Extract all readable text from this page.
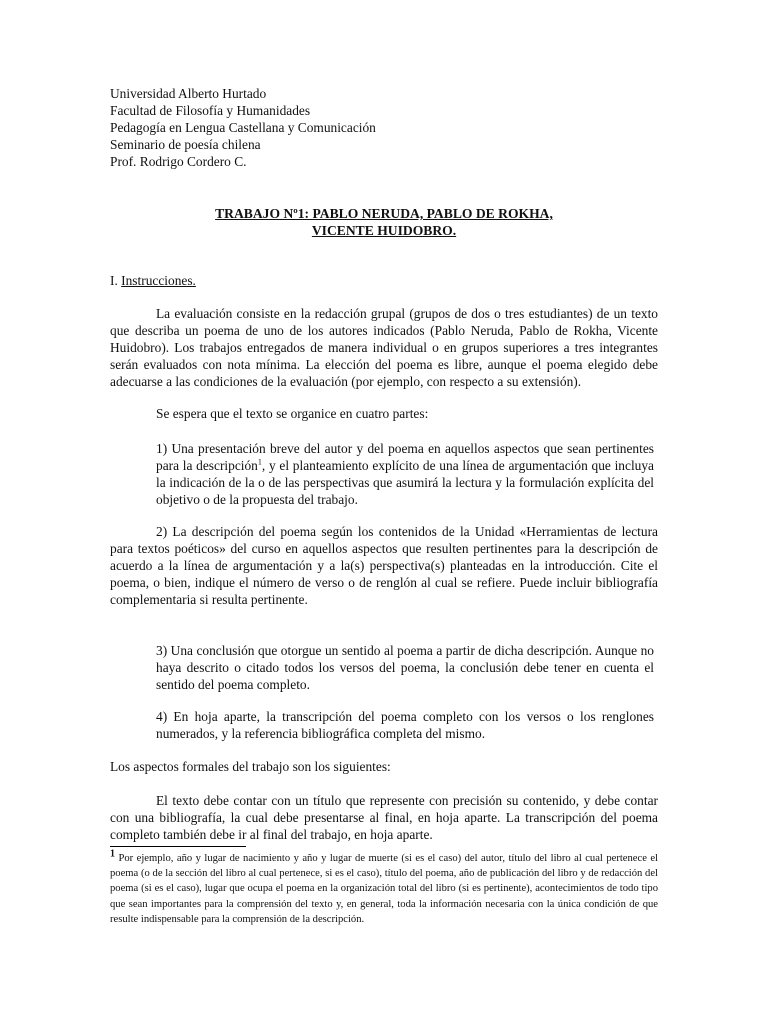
Universidad Alberto Hurtado
Facultad de Filosofía y Humanidades
Pedagogía en Lengua Castellana y Comunicación
Seminario de poesía chilena
Prof. Rodrigo Cordero C.
TRABAJO Nº1: PABLO NERUDA, PABLO DE ROKHA,
VICENTE HUIDOBRO.
I. Instrucciones.
La evaluación consiste en la redacción grupal (grupos de dos o tres estudiantes) de un texto que describa un poema de uno de los autores indicados (Pablo Neruda, Pablo de Rokha, Vicente Huidobro). Los trabajos entregados de manera individual o en grupos superiores a tres integrantes serán evaluados con nota mínima. La elección del poema es libre, aunque el poema elegido debe adecuarse a las condiciones de la evaluación (por ejemplo, con respecto a su extensión).
Se espera que el texto se organice en cuatro partes:
1) Una presentación breve del autor y del poema en aquellos aspectos que sean pertinentes para la descripción$^1$, y el planteamiento explícito de una línea de argumentación que incluya la indicación de la o de las perspectivas que asumirá la lectura y la formulación explícita del objetivo o de la propuesta del trabajo.
2) La descripción del poema según los contenidos de la Unidad «Herramientas de lectura para textos poéticos» del curso en aquellos aspectos que resulten pertinentes para la descripción de acuerdo a la línea de argumentación y a la(s) perspectiva(s) planteadas en la introducción. Cite el poema, o bien, indique el número de verso o de renglón al cual se refiere. Puede incluir bibliografía complementaria si resulta pertinente.
3) Una conclusión que otorgue un sentido al poema a partir de dicha descripción. Aunque no haya descrito o citado todos los versos del poema, la conclusión debe tener en cuenta el sentido del poema completo.
4) En hoja aparte, la transcripción del poema completo con los versos o los renglones numerados, y la referencia bibliográfica completa del mismo.
Los aspectos formales del trabajo son los siguientes:
El texto debe contar con un título que represente con precisión su contenido, y debe contar con una bibliografía, la cual debe presentarse al final, en hoja aparte. La transcripción del poema completo también debe ir al final del trabajo, en hoja aparte.
1 Por ejemplo, año y lugar de nacimiento y año y lugar de muerte (si es el caso) del autor, título del libro al cual pertenece el poema (o de la sección del libro al cual pertenece, si es el caso), título del poema, año de publicación del libro y de redacción del poema (si es el caso), lugar que ocupa el poema en la organización total del libro (si es pertinente), acontecimientos de todo tipo que sean importantes para la comprensión del texto y, en general, toda la información necesaria con la única condición de que resulte indispensable para la comprensión de la descripción.
